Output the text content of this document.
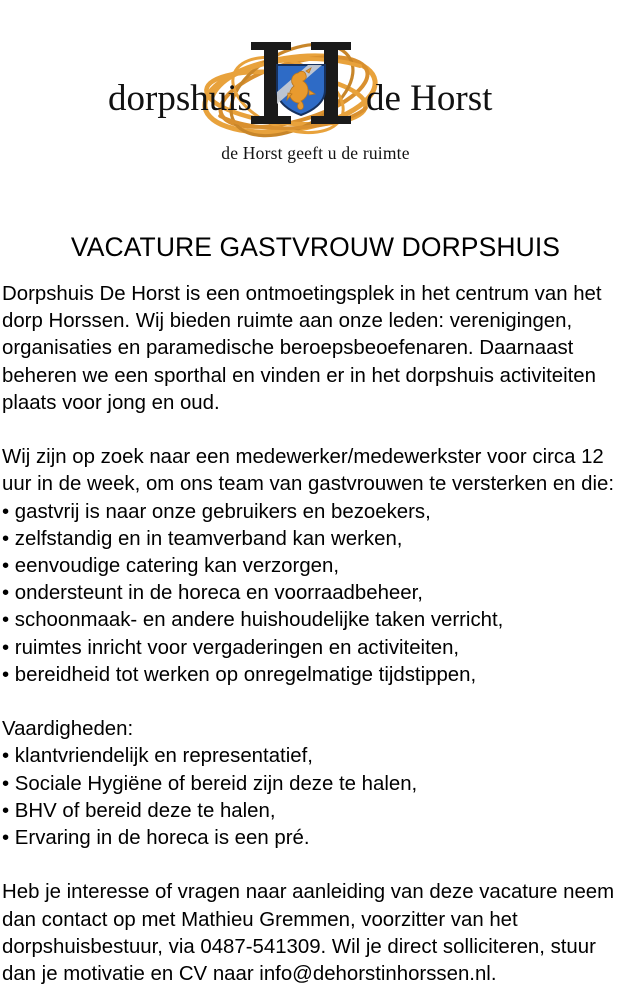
dorpshuis	de Horst
de Horst geeft u de ruimte
VACATURE GASTVROUW DORPSHUIS

Dorpshuis De Horst is een ontmoetingsplek in het centrum van het dorp Horssen. Wij bieden ruimte aan onze leden: verenigingen, organisaties en paramedische beroepsbeoefenaren. Daarnaast beheren we een sporthal en vinden er in het dorpshuis activiteiten plaats voor jong en oud.

Wij zijn op zoek naar een medewerker/medewerkster voor circa 12 uur in de week, om ons team van gastvrouwen te versterken en die:

• gastvrij is naar onze gebruikers en bezoekers,
• zelfstandig en in teamverband kan werken,
• eenvoudige catering kan verzorgen,
• ondersteunt in de horeca en voorraadbeheer,
• schoonmaak- en andere huishoudelijke taken verricht,
• ruimtes inricht voor vergaderingen en activiteiten,
• bereidheid tot werken op onregelmatige tijdstippen,
Vaardigheden:
• klantvriendelijk en representatief,
• Sociale Hygiëne of bereid zijn deze te halen,
• BHV of bereid deze te halen,
• Ervaring in de horeca is een pré.

Heb je interesse of vragen naar aanleiding van deze vacature neem dan contact op met Mathieu Gremmen, voorzitter van het dorpshuisbestuur, via 0487-541309. Wil je direct solliciteren, stuur dan je motivatie en CV naar info@dehorstinhorssen.nl.
